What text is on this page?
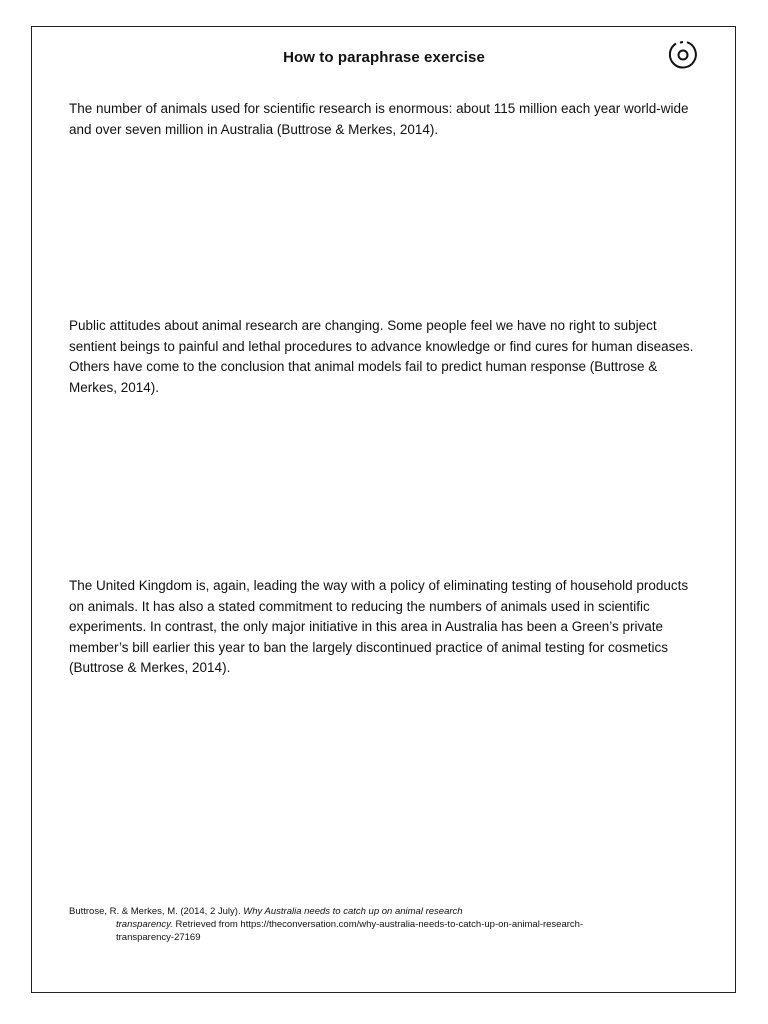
How to paraphrase exercise

The number of animals used for scientific research is enormous: about 115 million each year world-wide and over seven million in Australia (Buttrose & Merkes, 2014).

Public attitudes about animal research are changing. Some people feel we have no right to subject sentient beings to painful and lethal procedures to advance knowledge or find cures for human diseases. Others have come to the conclusion that animal models fail to predict human response (Buttrose & Merkes, 2014).

The United Kingdom is, again, leading the way with a policy of eliminating testing of household products on animals. It has also a stated commitment to reducing the numbers of animals used in scientific experiments. In contrast, the only major initiative in this area in Australia has been a Green’s private member’s bill earlier this year to ban the largely discontinued practice of animal testing for cosmetics (Buttrose & Merkes, 2014).

Buttrose, R. & Merkes, M. (2014, 2 July). Why Australia needs to catch up on animal research
transparency. Retrieved from https://theconversation.com/why-australia-needs-to-catch-up-on-animal-research-
transparency-27169
